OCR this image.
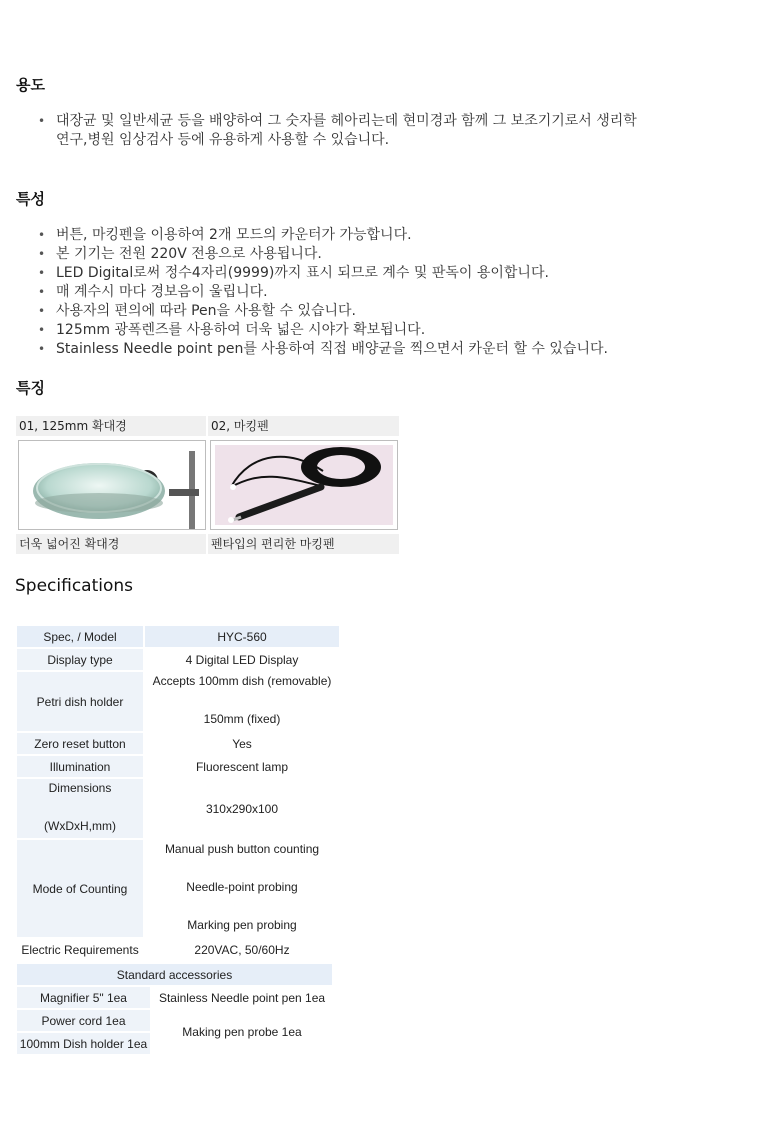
용도
• 대장균 및 일반세균 등을 배양하여 그 숫자를 헤아리는데 현미경과 함께 그 보조기기로서 생리학
연구,병원 임상검사 등에 유용하게 사용할 수 있습니다.
특성
• 버튼, 마킹펜을 이용하여 2개 모드의 카운터가 가능합니다.
• 본 기기는 전원 220V 전용으로 사용됩니다.
• LED Digital로써 정수4자리(9999)까지 표시 되므로 계수 및 판독이 용이합니다.
• 매 계수시 마다 경보음이 울립니다.
• 사용자의 편의에 따라 Pen을 사용할 수 있습니다.
• 125mm 광폭렌즈를 사용하여 더욱 넓은 시야가 확보됩니다.
• Stainless Needle point pen를 사용하여 직접 배양균을 찍으면서 카운터 할 수 있습니다.
특징
01, 125mm 확대경	02, 마킹펜
더욱 넓어진 확대경	펜타입의 편리한 마킹펜
Specifications
Spec, / Model	HYC-560
Display type	4 Digital LED Display
Petri dish holder	Accepts 100mm dish (removable)
150mm (fixed)

Zero reset button	Yes
Illumination	Fluorescent lamp

Dimensions
(WxDxH,mm)	310x290x100
Mode of Counting	Manual push button counting
Needle-point probing
Marking pen probing

Electric Requirements	220VAC, 50/60Hz
Standard accessories	
Magnifier 5" 1ea	Stainless Needle point pen 1ea
Power cord 1ea	Making pen probe 1ea
100mm Dish holder 1ea	
